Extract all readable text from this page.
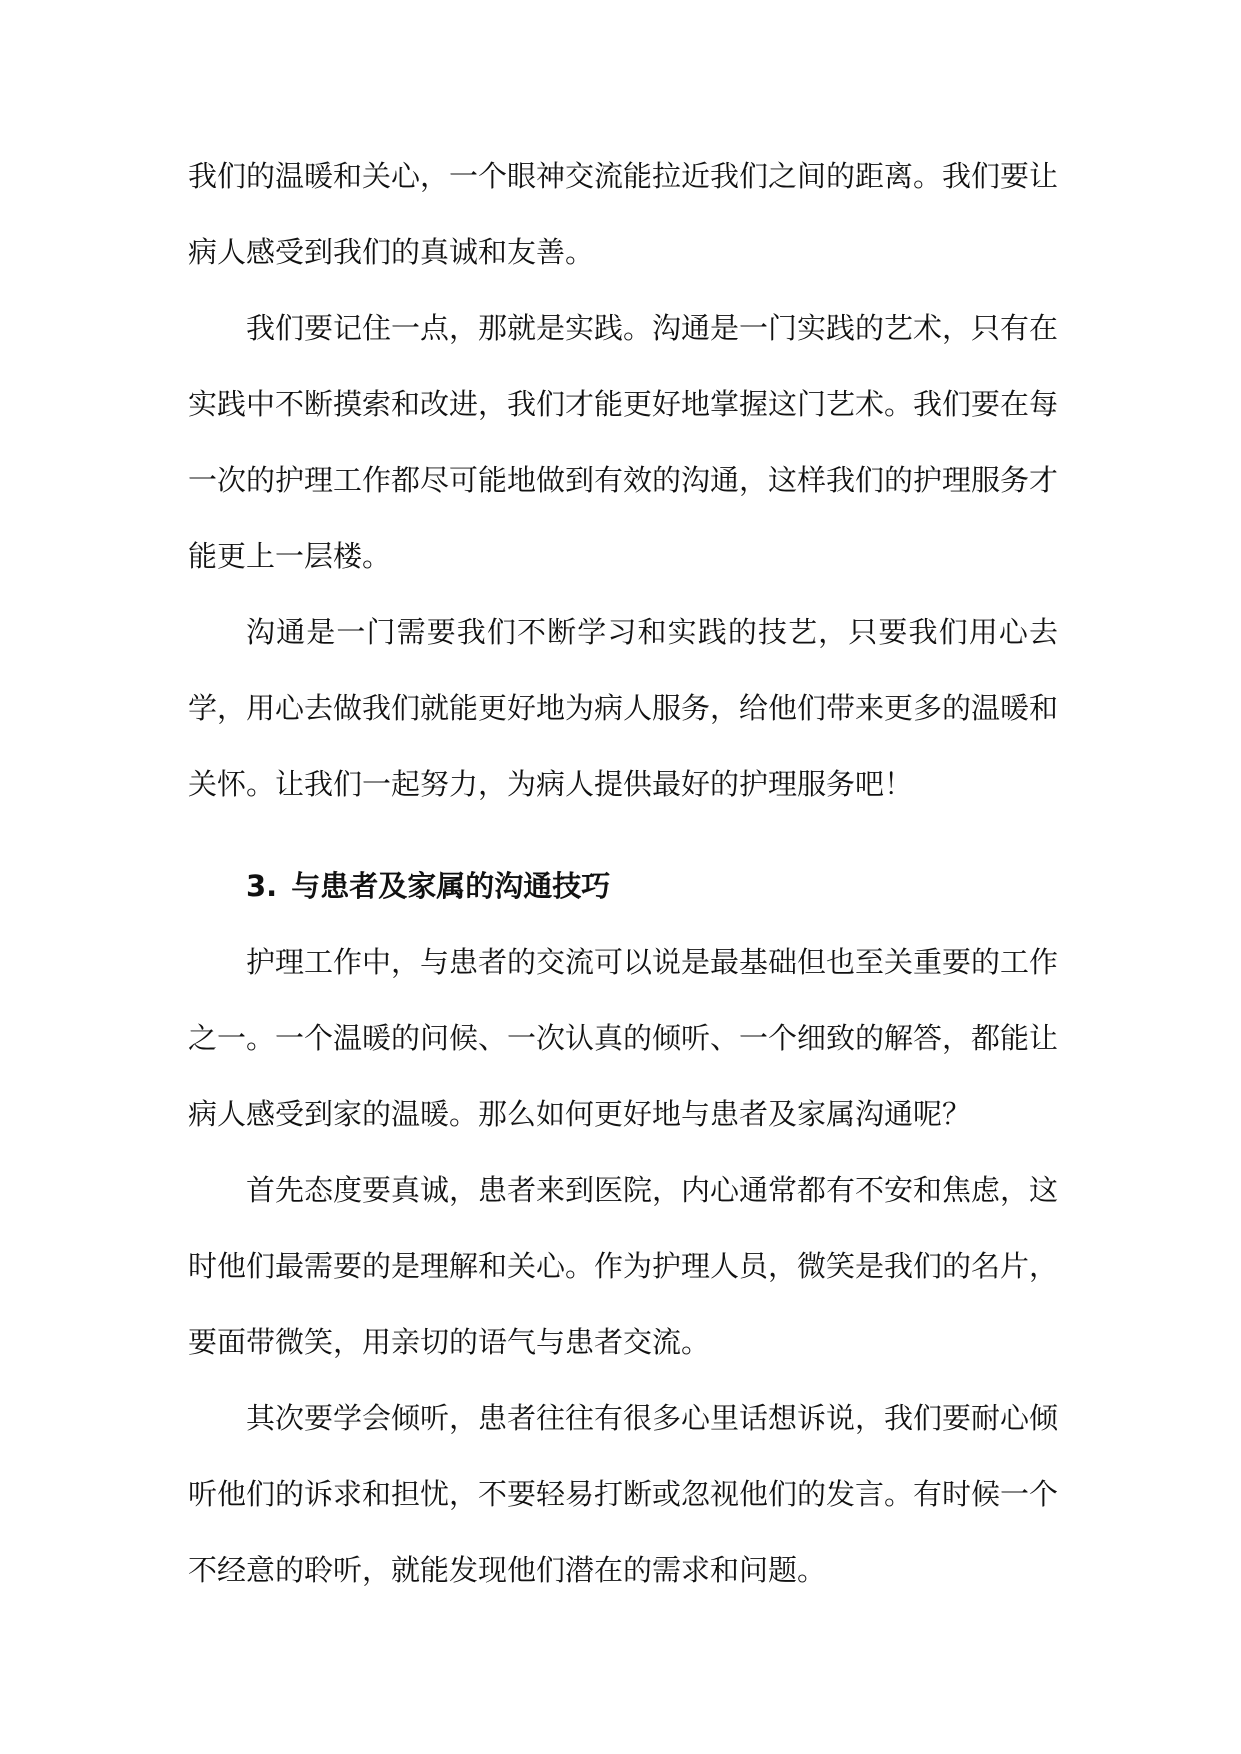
我们的温暖和关心，一个眼神交流能拉近我们之间的距离。我们要让病人感受到我们的真诚和友善。

我们要记住一点，那就是实践。沟通是一门实践的艺术，只有在实践中不断摸索和改进，我们才能更好地掌握这门艺术。我们要在每一次的护理工作都尽可能地做到有效的沟通，这样我们的护理服务才能更上一层楼。

沟通是一门需要我们不断学习和实践的技艺，只要我们用心去学，用心去做我们就能更好地为病人服务，给他们带来更多的温暖和关怀。让我们一起努力，为病人提供最好的护理服务吧！

3. 与患者及家属的沟通技巧

护理工作中，与患者的交流可以说是最基础但也至关重要的工作之一。一个温暖的问候、一次认真的倾听、一个细致的解答，都能让病人感受到家的温暖。那么如何更好地与患者及家属沟通呢？

首先态度要真诚，患者来到医院，内心通常都有不安和焦虑，这时他们最需要的是理解和关心。作为护理人员，微笑是我们的名片，要面带微笑，用亲切的语气与患者交流。

其次要学会倾听，患者往往有很多心里话想诉说，我们要耐心倾听他们的诉求和担忧，不要轻易打断或忽视他们的发言。有时候一个不经意的聆听，就能发现他们潜在的需求和问题。
